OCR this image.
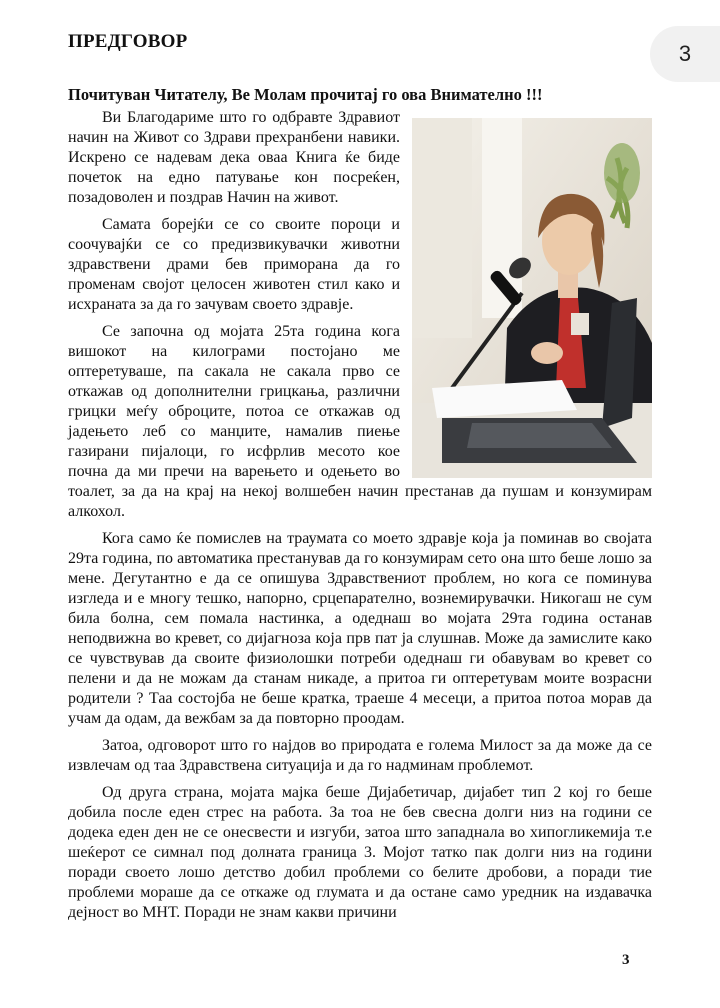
3
ПРЕДГОВОР
Почитуван Читателу, Ве Молам прочитај го ова Внимателно !!!

Ви Благодариме што го одбравте Здравиот начин на Живот со Здрави прехранбени навики. Искрено се надевам дека оваа Книга ќе биде почеток на едно патување кон посреќен, позадоволен и поздрав Начин на живот.

Самата борејќи се со своите пороци и соочувајќи се со предизвикувачки животни здравствени драми бев приморана да го променам својот целосен животен стил како и исхраната за да го зачувам своето здравје.

Се започна од мојата 25та година кога вишокот на килограми постојано ме оптеретуваше, па сакала не сакала прво се откажав од дополнителни грицкања, различни грицки меѓу оброците, потоа се откажав од јадењето леб со манџите, намалив пиење газирани пијалоци, го исфрлив месото кое почна да ми пречи на варењето и одењето во тоалет, за да на крај на некој волшебен начин престанав да пушам и конзумирам алкохол.

Кога само ќе помислев на траумата со моето здравје која ја поминав во својата 29та година, по автоматика престанував да го конзумирам сето она што беше лошо за мене. Дегутантно е да се опишува Здравствениот проблем, но кога се поминува изгледа и е многу тешко, напорно, срцепарателно, вознемирувачки. Никогаш не сум била болна, сем помала настинка, а одеднаш во мојата 29та година останав неподвижна во кревет, со дијагноза која прв пат ја слушнав. Може да замислите како се чувствував да своите физиолошки потреби одеднаш ги обавувам во кревет со пелени и да не можам да станам никаде, а притоа ги оптеретувам моите возрасни родители ? Таа состојба не беше кратка, траеше 4 месеци, а притоа потоа морав да учам да одам, да вежбам за да повторно проодам.

Затоа, одговорот што го најдов во природата е голема Милост за да може да се извлечам од таа Здравствена ситуација и да го надминам проблемот.

Од друга страна, мојата мајка беше Дијабетичар, дијабет тип 2 кој го беше добила после еден стрес на работа. За тоа не бев свесна долги низ на години се додека еден ден не се онесвести и изгуби, затоа што западнала во хипогликемија т.е шеќерот се симнал под долната граница 3. Мојот татко пак долги низ на години поради своето лошо детство добил проблеми со белите дробови, а поради тие проблеми мораше да се откаже од глумата и да остане само уредник на издавачка дејност во МНТ. Поради не знам какви причини

3
